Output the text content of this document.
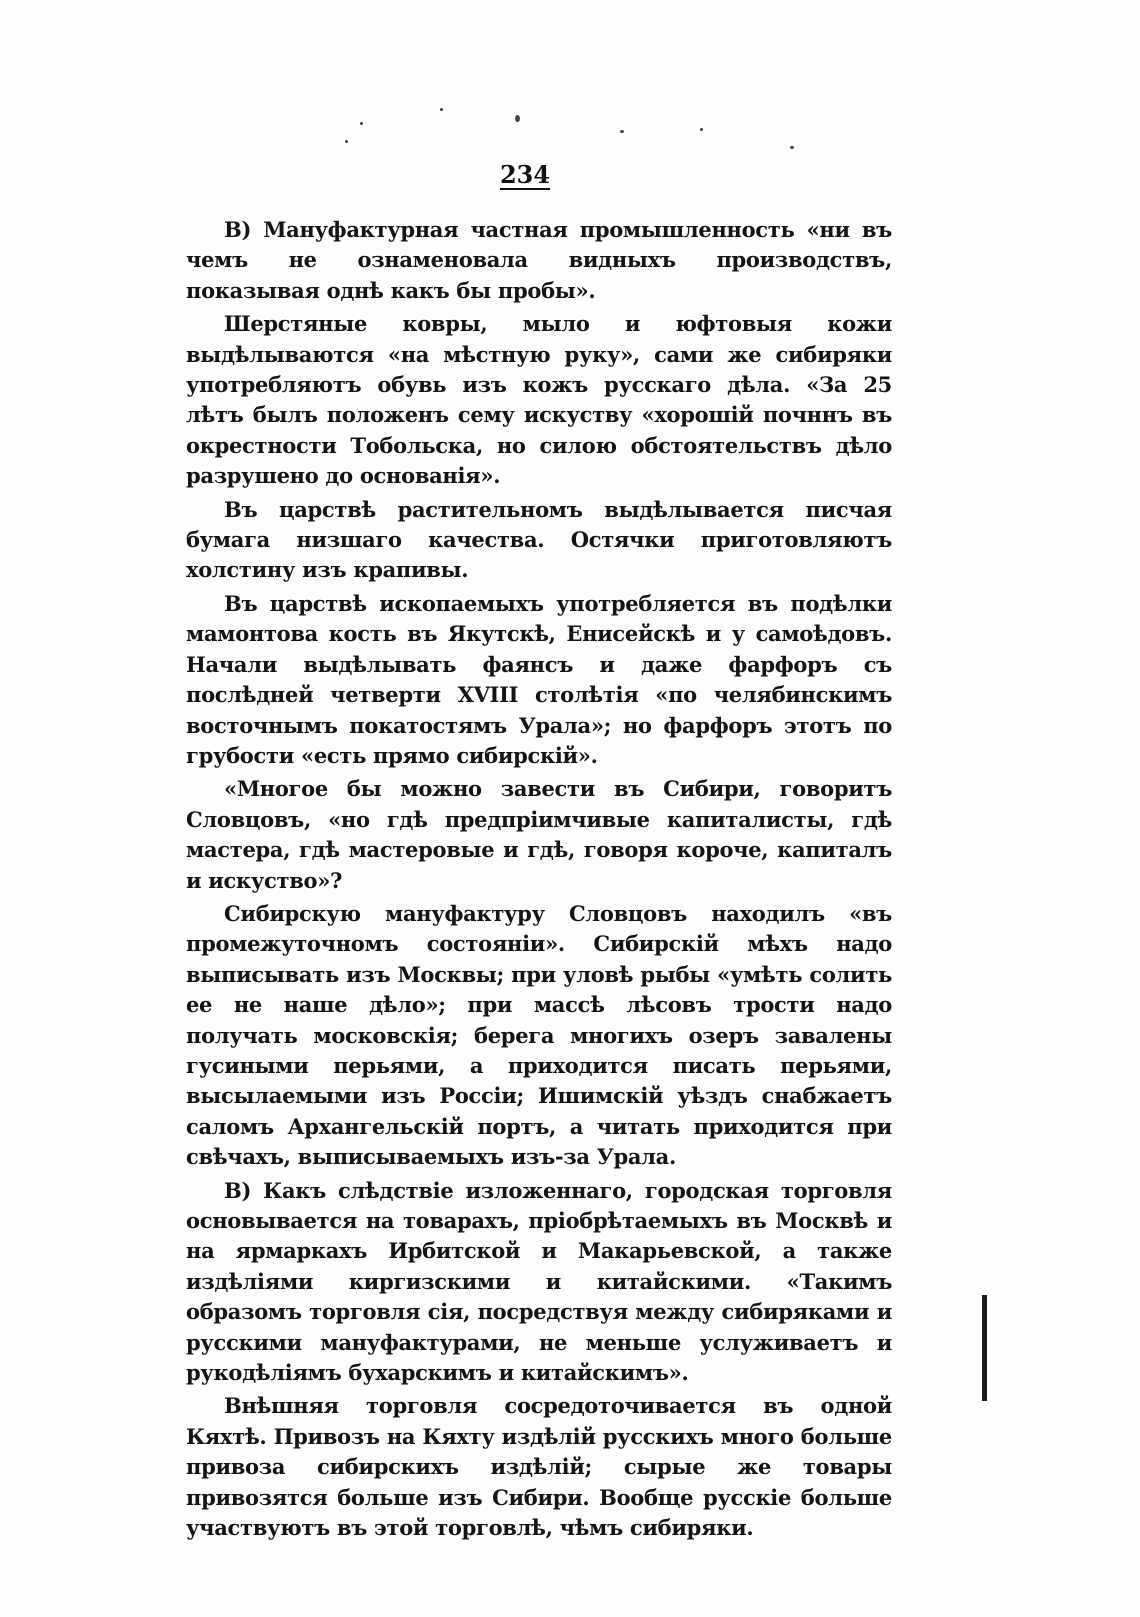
234

В) Мануфактурная частная промышленность «ни въ чемъ не ознаменовала видныхъ производствъ, показывая однѣ какъ бы пробы».

Шерстяные ковры, мыло и юфтовыя кожи выдѣлываются «на мѣстную руку», сами же сибиряки употребляютъ обувь изъ кожъ русскаго дѣла. «За 25 лѣтъ былъ положенъ сему искуству «хорошій почннъ въ окрестности Тобольска, но силою обстоятельствъ дѣло разрушено до основанія».

Въ царствѣ растительномъ выдѣлывается писчая бумага низшаго качества. Остячки приготовляютъ холстину изъ крапивы.

Въ царствѣ ископаемыхъ употребляется въ подѣлки мамонтова кость въ Якутскѣ, Енисейскѣ и у самоѣдовъ. Начали выдѣлывать фаянсъ и даже фарфоръ съ послѣдней четверти XVIII столѣтія «по челябинскимъ восточнымъ покатостямъ Урала»; но фарфоръ этотъ по грубости «есть прямо сибирскій».

«Многое бы можно завести въ Сибири, говоритъ Словцовъ, «но гдѣ предпріимчивые капиталисты, гдѣ мастера, гдѣ мастеровые и гдѣ, говоря короче, капиталъ и искуство»?

Сибирскую мануфактуру Словцовъ находилъ «въ промежуточномъ состояніи». Сибирскій мѣхъ надо выписывать изъ Москвы; при уловѣ рыбы «умѣть солить ее не наше дѣло»; при массѣ лѣсовъ трости надо получать московскія; берега многихъ озеръ завалены гусиными перьями, а приходится писать перьями, высылаемыми изъ Россіи; Ишимскій уѣздъ снабжаетъ саломъ Архангельскій портъ, а читать приходится при свѣчахъ, выписываемыхъ изъ-за Урала.

В) Какъ слѣдствіе изложеннаго, городская торговля основывается на товарахъ, пріобрѣтаемыхъ въ Москвѣ и на ярмаркахъ Ирбитской и Макарьевской, а также издѣліями киргизскими и китайскими. «Такимъ образомъ торговля сія, посредствуя между сибиряками и русскими мануфактурами, не меньше услуживаетъ и рукодѣліямъ бухарскимъ и китайскимъ».

Внѣшняя торговля сосредоточивается въ одной Кяхтѣ. Привозъ на Кяхту издѣлій русскихъ много больше привоза сибирскихъ издѣлій; сырые же товары привозятся больше изъ Сибири. Вообще русскіе больше участвуютъ въ этой торговлѣ, чѣмъ сибиряки.
